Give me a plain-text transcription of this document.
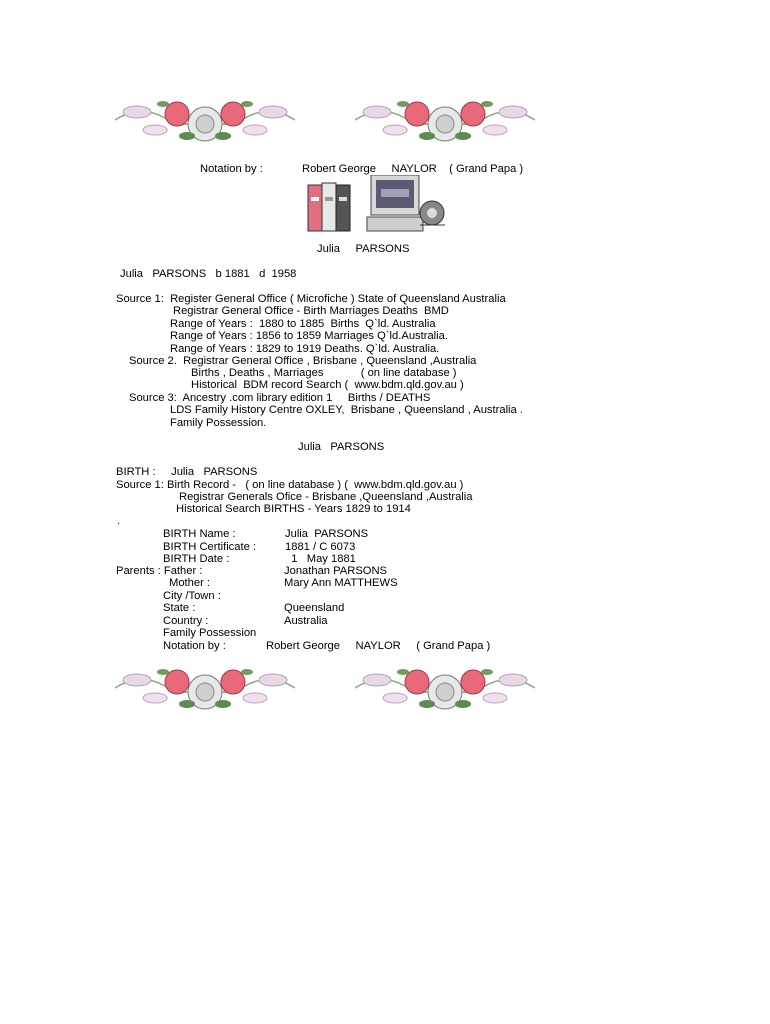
Notation by :	Robert George     NAYLOR    ( Grand Papa )
Julia     PARSONS
Julia   PARSONS   b 1881   d  1958
Source 1:  Register General Office ( Microfiche ) State of Queensland Australia
Registrar General Office - Birth Marriages Deaths  BMD
Range of Years :  1880 to 1885  Births  Q`ld. Australia
Range of Years : 1856 to 1859 Marriages Q`ld.Australia.
Range of Years : 1829 to 1919 Deaths. Q`ld. Australia.
Source 2.  Registrar General Office , Brisbane , Queensland ,Australia
Births , Deaths , Marriages            ( on line database )
Historical  BDM record Search (  www.bdm.qld.gov.au )
Source 3:  Ancestry .com library edition 1     Births / DEATHS
LDS Family History Centre OXLEY,  Brisbane , Queensland , Australia .
Family Possession.
Julia   PARSONS
BIRTH :     Julia   PARSONS
Source 1: Birth Record -   ( on line database ) (  www.bdm.qld.gov.au )
Registrar Generals Ofice - Brisbane ,Queensland ,Australia
Historical Search BIRTHS - Years 1829 to 1914
.
BIRTH Name :	Julia  PARSONS
BIRTH Certificate :	1881 / C 6073
BIRTH Date :	1   May 1881
Parents : Father :	Jonathan PARSONS
Mother :	Mary Ann MATTHEWS
City /Town :
State :	Queensland
Country :	Australia
Family Possession
Notation by :	Robert George     NAYLOR     ( Grand Papa )
